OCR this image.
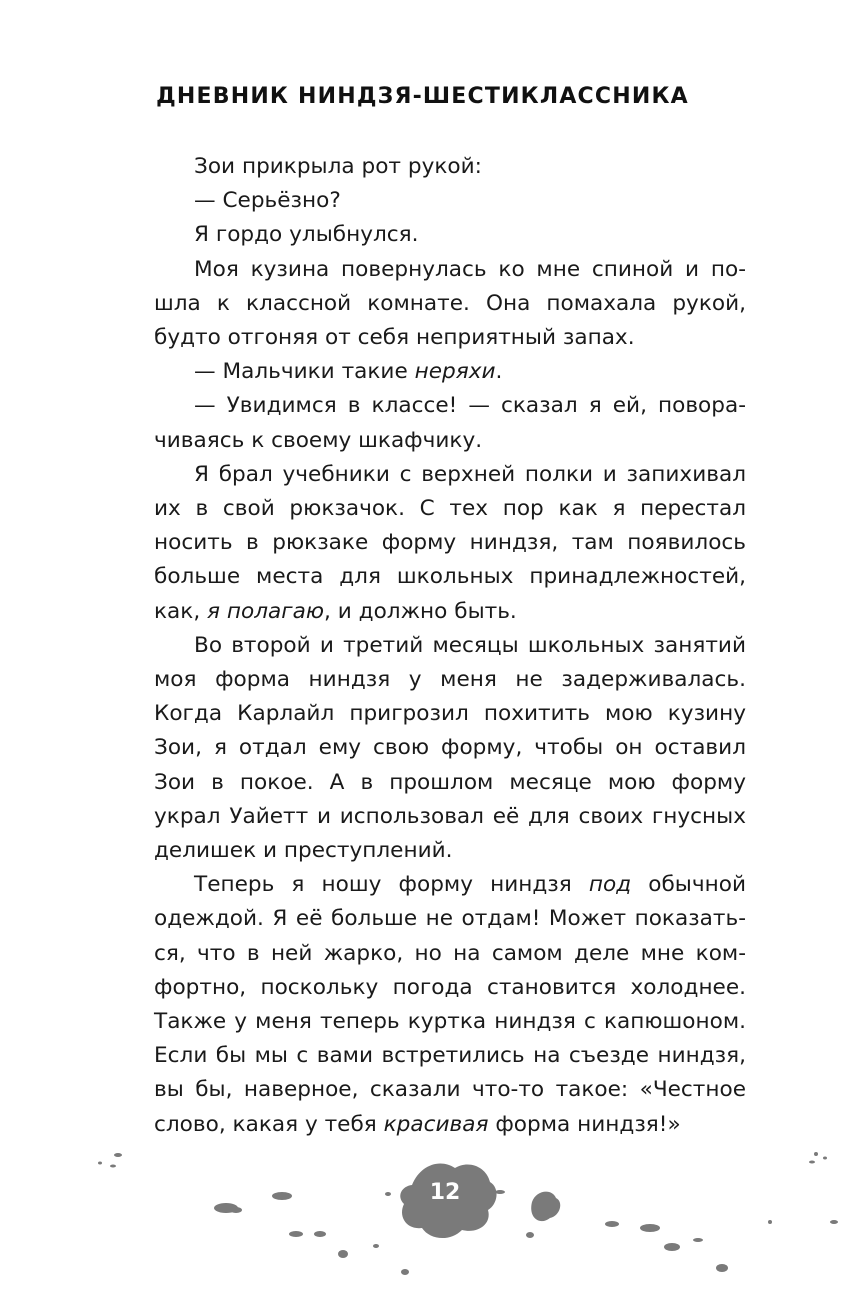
ДНЕВНИК НИНДЗЯ-ШЕСТИКЛАССНИКА

Зои прикрыла рот рукой:

— Серьёзно?

Я гордо улыбнулся.

Моя кузина повернулась ко мне спиной и пошла к классной комнате. Она помахала рукой, будто отгоняя от себя неприятный запах.

— Мальчики такие неряхи.

— Увидимся в классе! — сказал я ей, поворачиваясь к своему шкафчику.

Я брал учебники с верхней полки и запихивал их в свой рюкзачок. С тех пор как я перестал носить в рюкзаке форму ниндзя, там появилось больше места для школьных принадлежностей, как, я полагаю, и должно быть.

Во второй и третий месяцы школьных занятий моя форма ниндзя у меня не задерживалась. Когда Карлайл пригрозил похитить мою кузину Зои, я отдал ему свою форму, чтобы он оставил Зои в покое. А в прошлом месяце мою форму украл Уайетт и использовал её для своих гнусных делишек и преступлений.

Теперь я ношу форму ниндзя под обычной одеждой. Я её больше не отдам! Может показаться, что в ней жарко, но на самом деле мне комфортно, поскольку погода становится холоднее. Также у меня теперь куртка ниндзя с капюшоном. Если бы мы с вами встретились на съезде ниндзя, вы бы, наверное, сказали что-то такое: «Честное слово, какая у тебя красивая форма ниндзя!»

12
